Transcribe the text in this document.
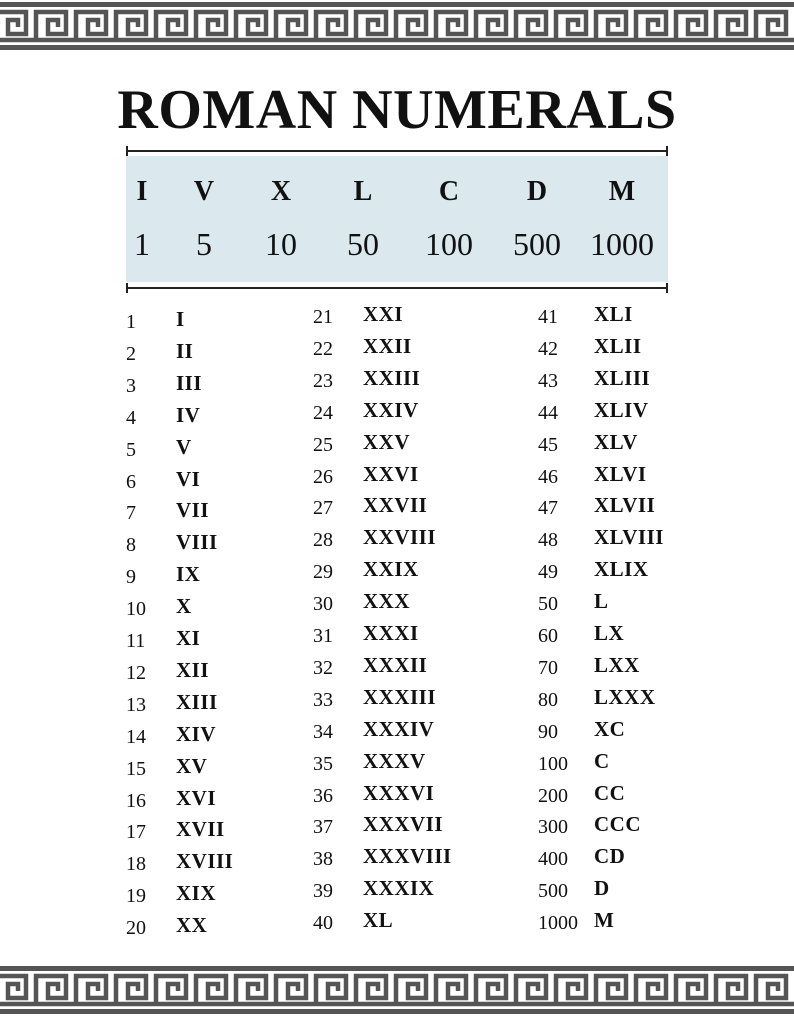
ROMAN NUMERALS
I
1
V
5
X
10
L
50
C
100
D
500
M
1000
1 I
2 II
3 III
4 IV
5 V
6 VI
7 VII
8 VIII
9 IX
10 X
11 XI
12 XII
13 XIII
14 XIV
15 XV
16 XVI
17 XVII
18 XVIII
19 XIX
20 XX
21 XXI
22 XXII
23 XXIII
24 XXIV
25 XXV
26 XXVI
27 XXVII
28 XXVIII
29 XXIX
30 XXX
31 XXXI
32 XXXII
33 XXXIII
34 XXXIV
35 XXXV
36 XXXVI
37 XXXVII
38 XXXVIII
39 XXXIX
40 XL
41 XLI
42 XLII
43 XLIII
44 XLIV
45 XLV
46 XLVI
47 XLVII
48 XLVIII
49 XLIX
50 L
60 LX
70 LXX
80 LXXX
90 XC
100 C
200 CC
300 CCC
400 CD
500 D
1000 M
